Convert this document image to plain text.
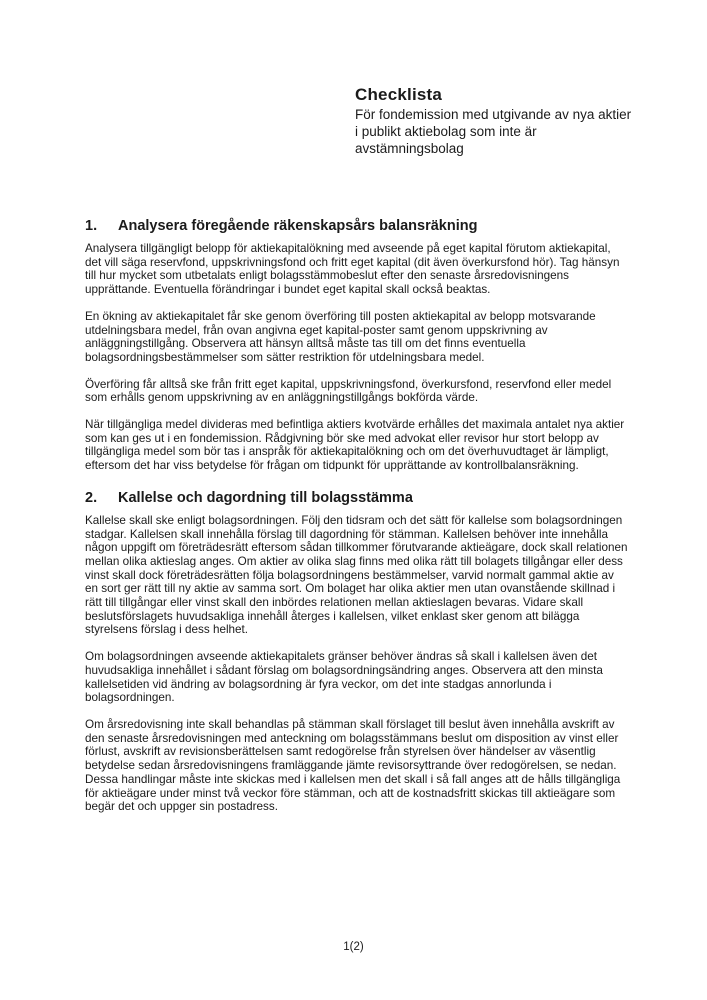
Checklista
För fondemission med utgivande av nya aktier i publikt aktiebolag som inte är avstämningsbolag
1.	Analysera föregående räkenskapsårs balansräkning

Analysera tillgängligt belopp för aktiekapitalökning med avseende på eget kapital förutom aktiekapital, det vill säga reservfond, uppskrivningsfond och fritt eget kapital (dit även överkursfond hör). Tag hänsyn till hur mycket som utbetalats enligt bolagsstämmobeslut efter den senaste årsredovisningens upprättande. Eventuella förändringar i bundet eget kapital skall också beaktas.

En ökning av aktiekapitalet får ske genom överföring till posten aktiekapital av belopp motsvarande utdelningsbara medel, från ovan angivna eget kapital-poster samt genom uppskrivning av anläggningstillgång. Observera att hänsyn alltså måste tas till om det finns eventuella bolagsordningsbestämmelser som sätter restriktion för utdelningsbara medel.

Överföring får alltså ske från fritt eget kapital, uppskrivningsfond, överkursfond, reservfond eller medel som erhålls genom uppskrivning av en anläggningstillgångs bokförda värde.

När tillgängliga medel divideras med befintliga aktiers kvotvärde erhålles det maximala antalet nya aktier som kan ges ut i en fondemission. Rådgivning bör ske med advokat eller revisor hur stort belopp av tillgängliga medel som bör tas i anspråk för aktiekapitalökning och om det överhuvudtaget är lämpligt, eftersom det har viss betydelse för frågan om tidpunkt för upprättande av kontrollbalansräkning.

2.	Kallelse och dagordning till bolagsstämma

Kallelse skall ske enligt bolagsordningen. Följ den tidsram och det sätt för kallelse som bolagsordningen stadgar. Kallelsen skall innehålla förslag till dagordning för stämman. Kallelsen behöver inte innehålla någon uppgift om företrädesrätt eftersom sådan tillkommer förutvarande aktieägare, dock skall relationen mellan olika aktieslag anges. Om aktier av olika slag finns med olika rätt till bolagets tillgångar eller dess vinst skall dock företrädesrätten följa bolagsordningens bestämmelser, varvid normalt gammal aktie av en sort ger rätt till ny aktie av samma sort. Om bolaget har olika aktier men utan ovanstående skillnad i rätt till tillgångar eller vinst skall den inbördes relationen mellan aktieslagen bevaras. Vidare skall beslutsförslagets huvudsakliga innehåll återges i kallelsen, vilket enklast sker genom att bilägga styrelsens förslag i dess helhet.

Om bolagsordningen avseende aktiekapitalets gränser behöver ändras så skall i kallelsen även det huvudsakliga innehållet i sådant förslag om bolagsordningsändring anges. Observera att den minsta kallelsetiden vid ändring av bolagsordning är fyra veckor, om det inte stadgas annorlunda i bolagsordningen.

Om årsredovisning inte skall behandlas på stämman skall förslaget till beslut även innehålla avskrift av den senaste årsredovisningen med anteckning om bolagsstämmans beslut om disposition av vinst eller förlust, avskrift av revisionsberättelsen samt redogörelse från styrelsen över händelser av väsentlig betydelse sedan årsredovisningens framläggande jämte revisorsyttrande över redogörelsen, se nedan. Dessa handlingar måste inte skickas med i kallelsen men det skall i så fall anges att de hålls tillgängliga för aktieägare under minst två veckor före stämman, och att de kostnadsfritt skickas till aktieägare som begär det och uppger sin postadress.

1(2)
